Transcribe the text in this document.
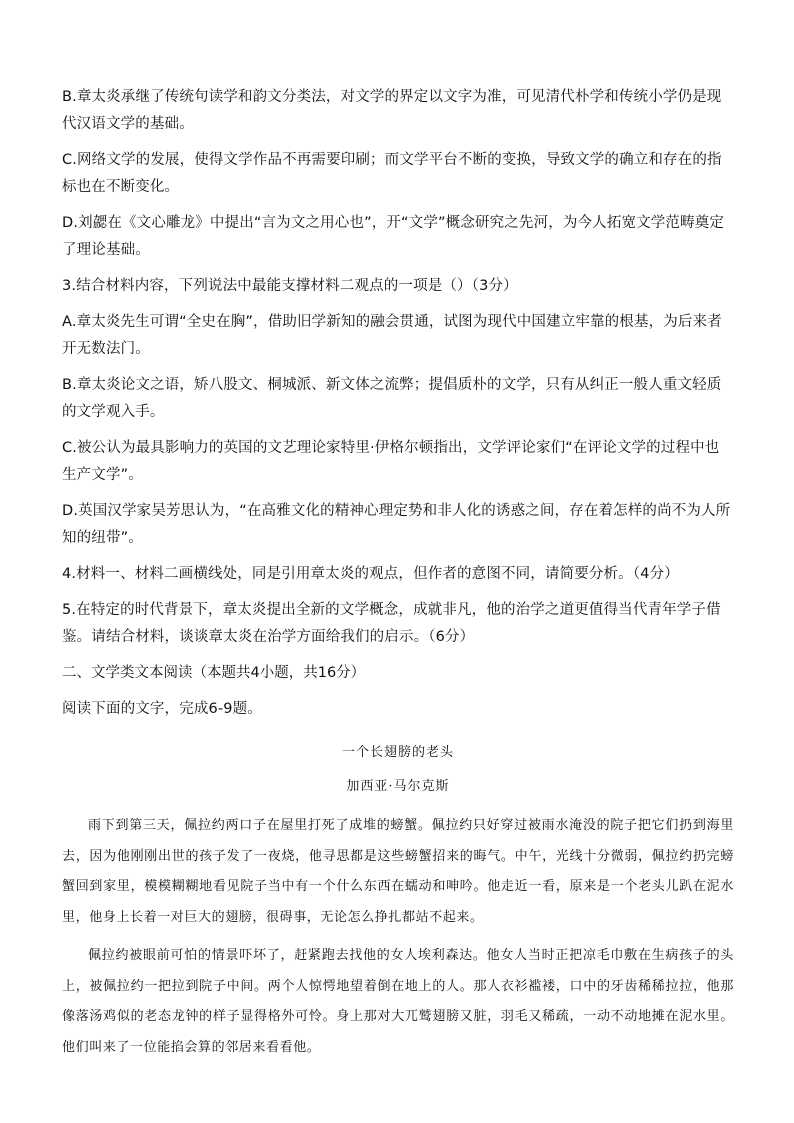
B.章太炎承继了传统句读学和韵文分类法，对文学的界定以文字为准，可见清代朴学和传统小学仍是现代汉语文学的基础。

C.网络文学的发展，使得文学作品不再需要印刷；而文学平台不断的变换，导致文学的确立和存在的指标也在不断变化。

D.刘勰在《文心雕龙》中提出“言为文之用心也”，开“文学”概念研究之先河，为今人拓宽文学范畴奠定了理论基础。

3.结合材料内容，下列说法中最能支撑材料二观点的一项是（）（3分）

A.章太炎先生可谓“全史在胸”，借助旧学新知的融会贯通，试图为现代中国建立牢靠的根基，为后来者开无数法门。

B.章太炎论文之语，矫八股文、桐城派、新文体之流弊；提倡质朴的文学，只有从纠正一般人重文轻质的文学观入手。

C.被公认为最具影响力的英国的文艺理论家特里·伊格尔顿指出，文学评论家们“在评论文学的过程中也生产文学”。

D.英国汉学家吴芳思认为，“在高雅文化的精神心理定势和非人化的诱惑之间，存在着怎样的尚不为人所知的纽带”。

4.材料一、材料二画横线处，同是引用章太炎的观点，但作者的意图不同，请简要分析。（4分）

5.在特定的时代背景下，章太炎提出全新的文学概念，成就非凡，他的治学之道更值得当代青年学子借鉴。请结合材料，谈谈章太炎在治学方面给我们的启示。（6分）

二、文学类文本阅读（本题共4小题，共16分）

阅读下面的文字，完成6-9题。

一个长翅膀的老头

加西亚·马尔克斯

雨下到第三天，佩拉约两口子在屋里打死了成堆的螃蟹。佩拉约只好穿过被雨水淹没的院子把它们扔到海里去，因为他刚刚出世的孩子发了一夜烧，他寻思都是这些螃蟹招来的晦气。中午，光线十分微弱，佩拉约扔完螃蟹回到家里，模模糊糊地看见院子当中有一个什么东西在蠕动和呻吟。他走近一看，原来是一个老头儿趴在泥水里，他身上长着一对巨大的翅膀，很碍事，无论怎么挣扎都站不起来。

佩拉约被眼前可怕的情景吓坏了，赶紧跑去找他的女人埃利森达。他女人当时正把凉毛巾敷在生病孩子的头上，被佩拉约一把拉到院子中间。两个人惊愕地望着倒在地上的人。那人衣衫褴褛，口中的牙齿稀稀拉拉，他那像落汤鸡似的老态龙钟的样子显得格外可怜。身上那对大兀鹫翅膀又脏，羽毛又稀疏，一动不动地摊在泥水里。他们叫来了一位能掐会算的邻居来看看他。
